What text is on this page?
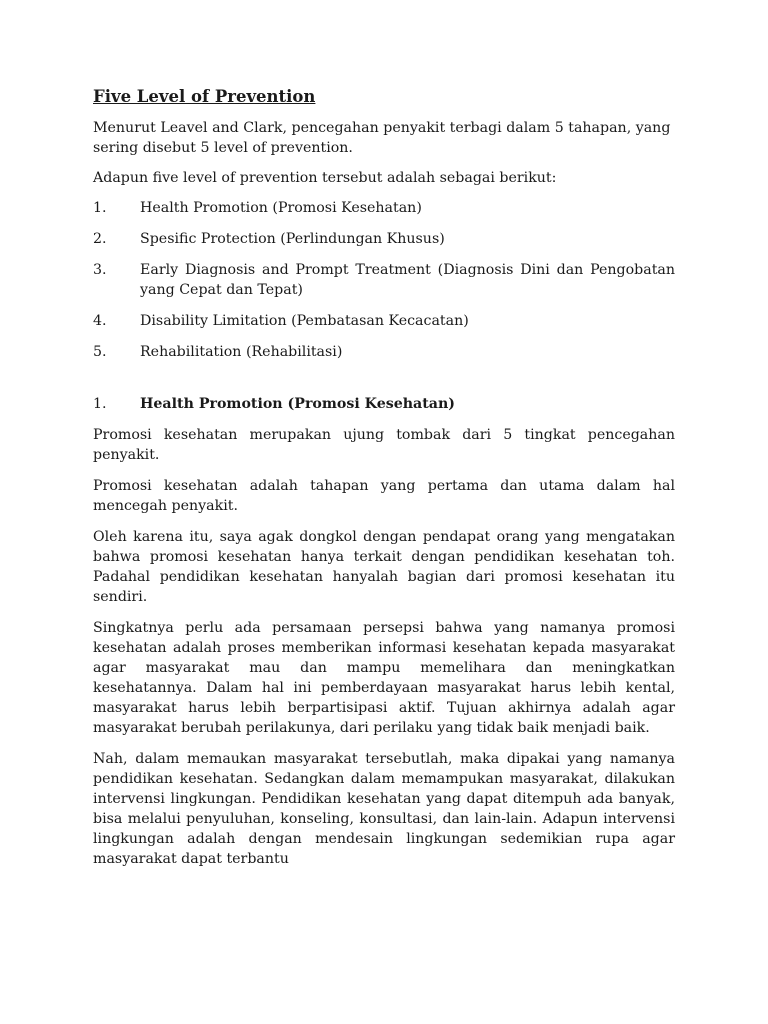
Five Level of Prevention

Menurut Leavel and Clark, pencegahan penyakit terbagi dalam 5 tahapan, yang sering disebut 5 level of prevention.

Adapun five level of prevention tersebut adalah sebagai berikut:

1.	Health Promotion (Promosi Kesehatan)
2.	Spesific Protection (Perlindungan Khusus)
3.	Early Diagnosis and Prompt Treatment (Diagnosis Dini dan Pengobatan yang Cepat dan Tepat)
4.	Disability Limitation (Pembatasan Kecacatan)
5.	Rehabilitation (Rehabilitasi)
1.	Health Promotion (Promosi Kesehatan)

Promosi kesehatan merupakan ujung tombak dari 5 tingkat pencegahan penyakit.

Promosi kesehatan adalah tahapan yang pertama dan utama dalam hal mencegah penyakit.

Oleh karena itu, saya agak dongkol dengan pendapat orang yang mengatakan bahwa promosi kesehatan hanya terkait dengan pendidikan kesehatan toh. Padahal pendidikan kesehatan hanyalah bagian dari promosi kesehatan itu sendiri.

Singkatnya perlu ada persamaan persepsi bahwa yang namanya promosi kesehatan adalah proses memberikan informasi kesehatan kepada masyarakat agar masyarakat mau dan mampu memelihara dan meningkatkan kesehatannya. Dalam hal ini pemberdayaan masyarakat harus lebih kental, masyarakat harus lebih berpartisipasi aktif. Tujuan akhirnya adalah agar masyarakat berubah perilakunya, dari perilaku yang tidak baik menjadi baik.

Nah, dalam memaukan masyarakat tersebutlah, maka dipakai yang namanya pendidikan kesehatan. Sedangkan dalam memampukan masyarakat, dilakukan intervensi lingkungan. Pendidikan kesehatan yang dapat ditempuh ada banyak, bisa melalui penyuluhan, konseling, konsultasi, dan lain-lain. Adapun intervensi lingkungan adalah dengan mendesain lingkungan sedemikian rupa agar masyarakat dapat terbantu
